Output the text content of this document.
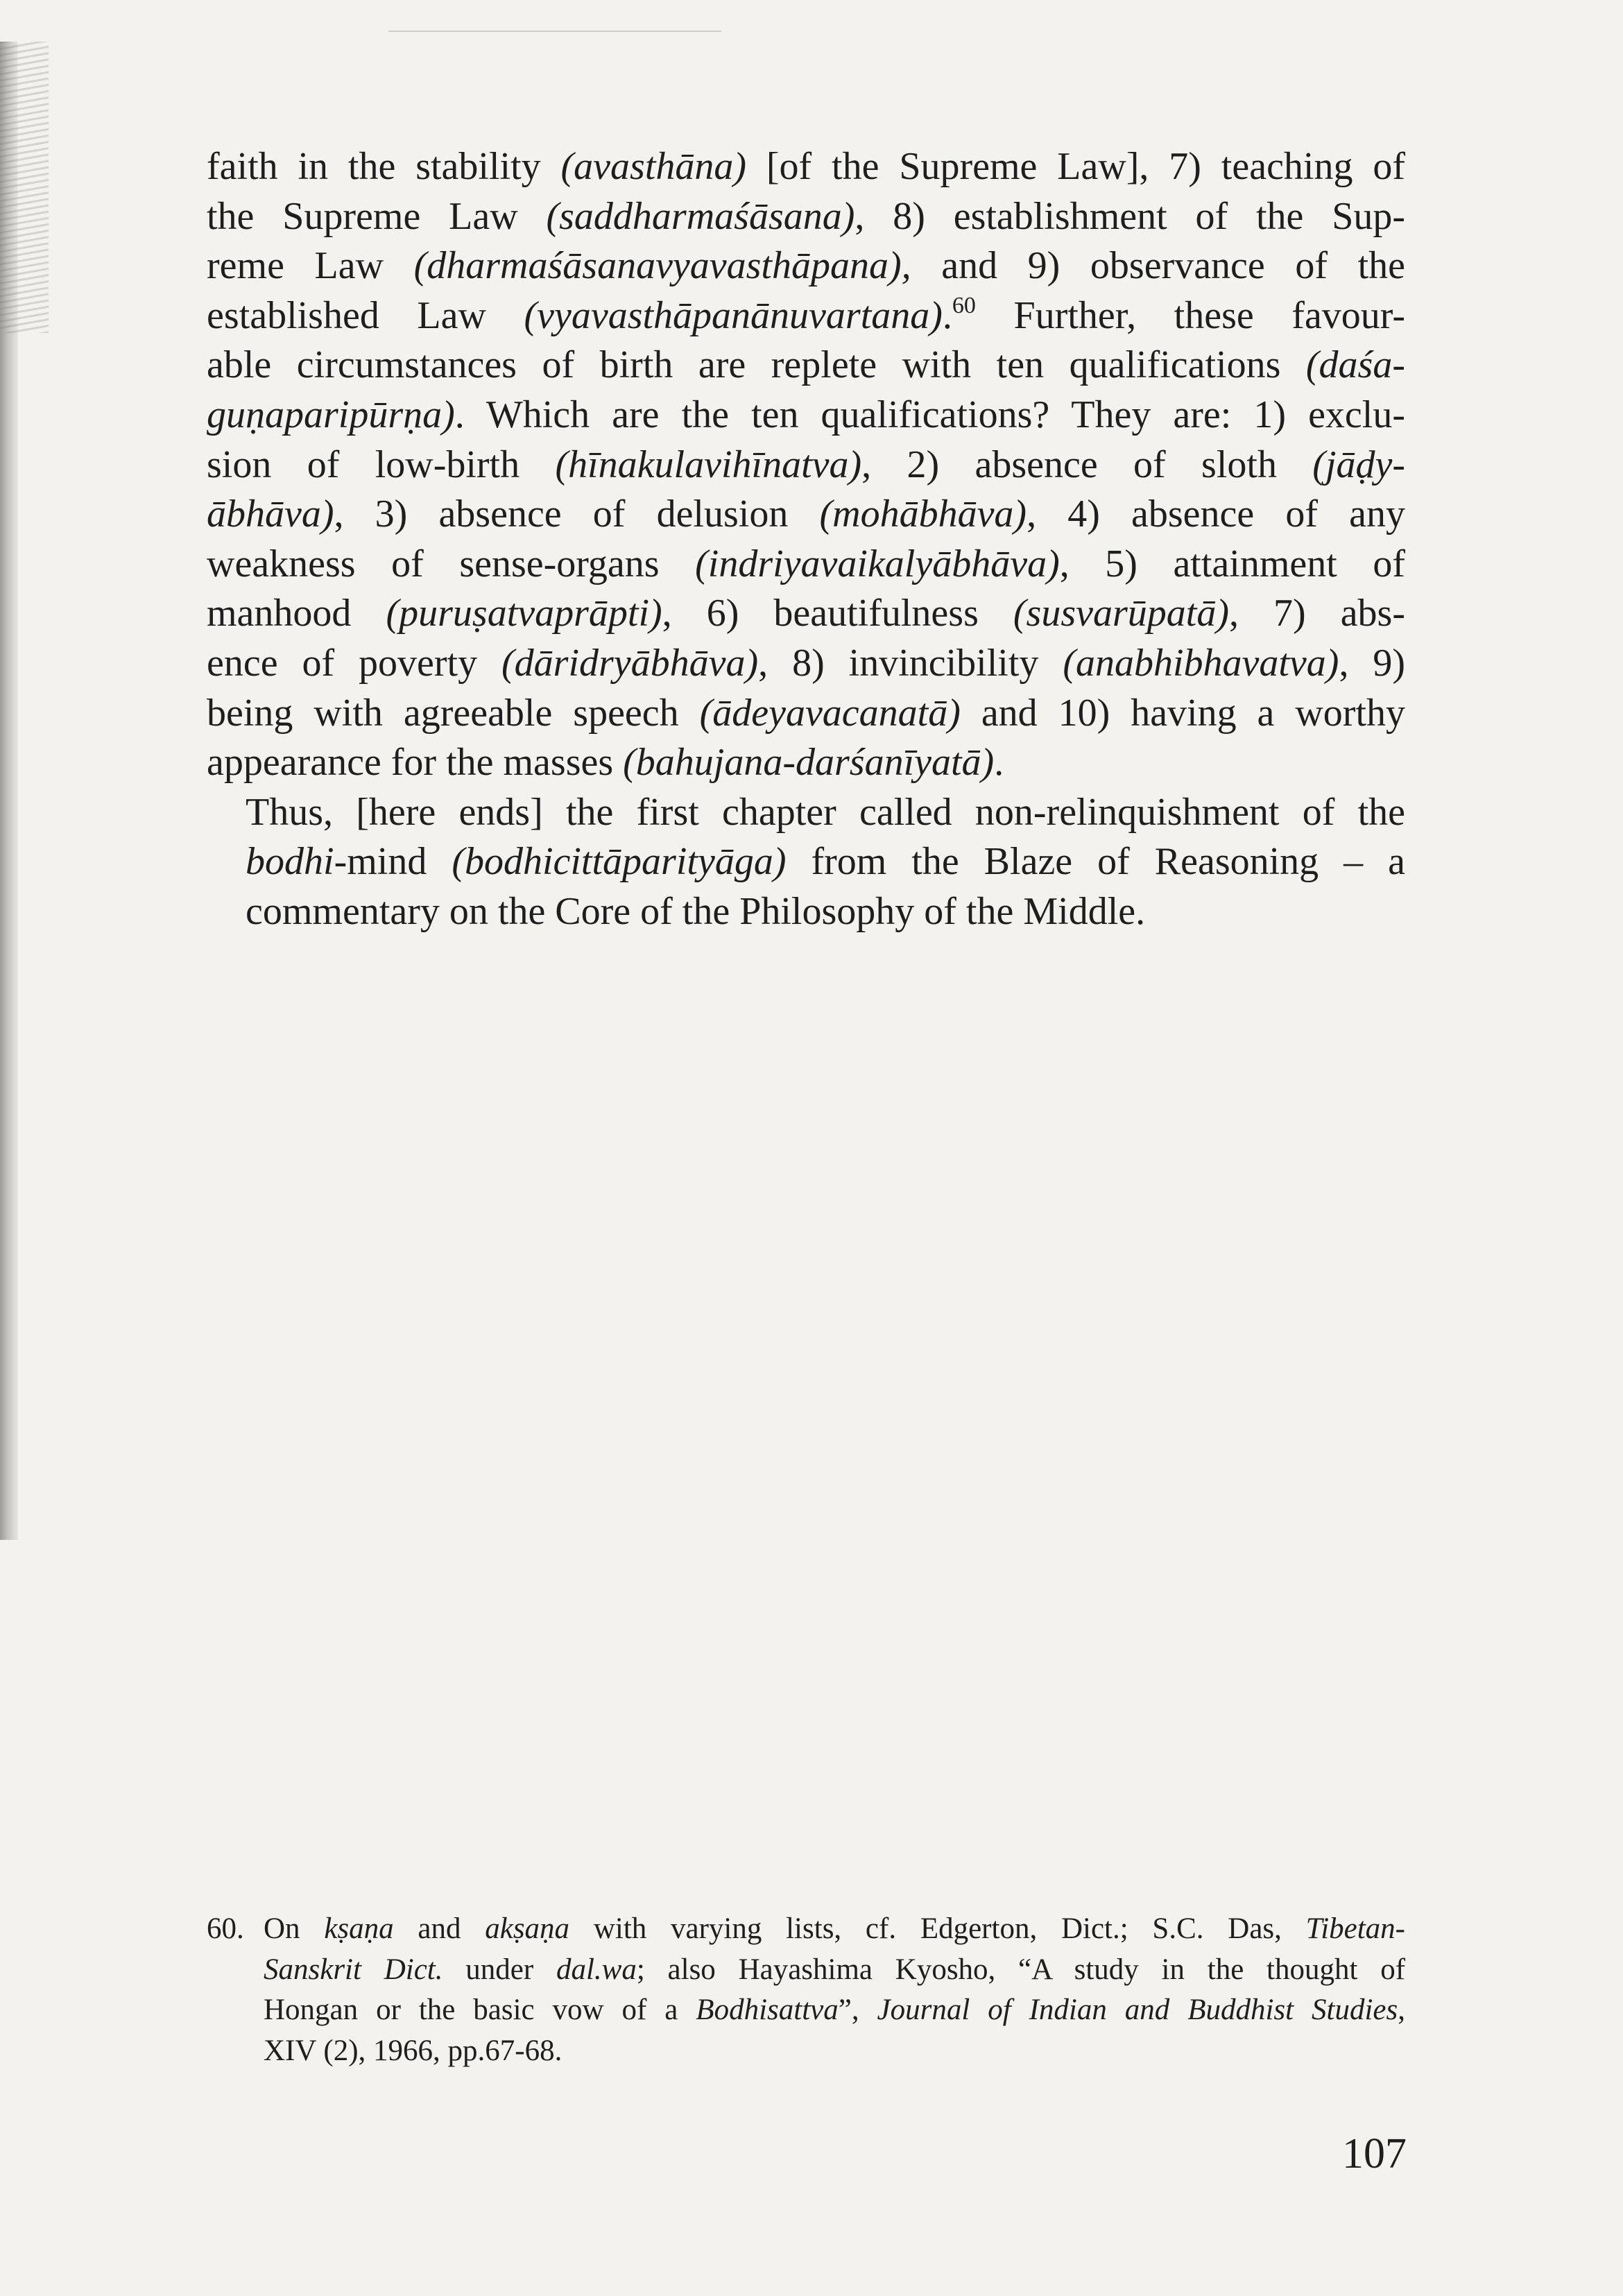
faith in the stability (avasthāna) [of the Supreme Law], 7) teaching of
the Supreme Law (saddharmaśāsana), 8) establishment of the Sup-
reme Law (dharmaśāsanavyavasthāpana), and 9) observance of the
established Law (vyavasthāpanānuvartana).$^{60}$ Further, these favour-
able circumstances of birth are replete with ten qualifications (daśa-
guṇaparipūrṇa). Which are the ten qualifications? They are: 1) exclu-
sion of low-birth (hīnakulavihīnatva), 2) absence of sloth (jāḍy-
ābhāva), 3) absence of delusion (mohābhāva), 4) absence of any
weakness of sense-organs (indriyavaikalyābhāva), 5) attainment of
manhood (puruṣatvaprāpti), 6) beautifulness (susvarūpatā), 7) abs-
ence of poverty (dāridryābhāva), 8) invincibility (anabhibhavatva), 9)
being with agreeable speech (ādeyavacanatā) and 10) having a worthy
appearance for the masses (bahujana-darśanīyatā).

Thus, [here ends] the first chapter called non-relinquishment of the
bodhi-mind (bodhicittāparityāga) from the Blaze of Reasoning – a
commentary on the Core of the Philosophy of the Middle.

60. On kṣaṇa and akṣaṇa with varying lists, cf. Edgerton, Dict.; S.C. Das, Tibetan-
Sanskrit Dict. under dal.wa; also Hayashima Kyosho, “A study in the thought of
Hongan or the basic vow of a Bodhisattva”, Journal of Indian and Buddhist Studies,
XIV (2), 1966, pp.67-68.
107
